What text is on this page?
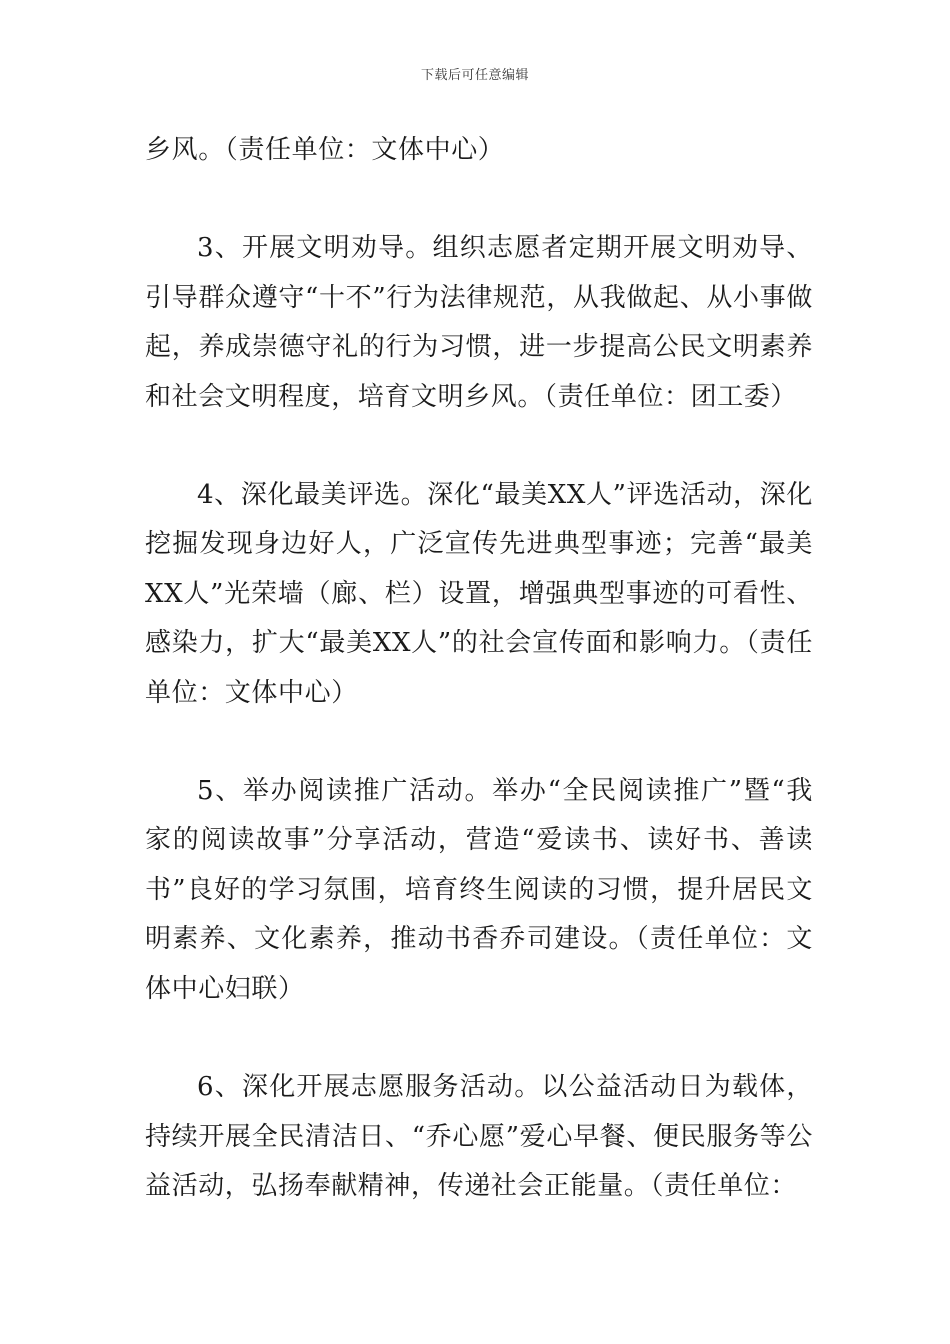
下载后可任意编辑

乡风。（责任单位：文体中心）

3、开展文明劝导。组织志愿者定期开展文明劝导、引导群众遵守“十不”行为法律规范，从我做起、从小事做起，养成崇德守礼的行为习惯，进一步提高公民文明素养和社会文明程度，培育文明乡风。（责任单位：团工委）

4、深化最美评选。深化“最美XX人”评选活动，深化挖掘发现身边好人，广泛宣传先进典型事迹；完善“最美XX人”光荣墙（廊、栏）设置，增强典型事迹的可看性、感染力，扩大“最美XX人”的社会宣传面和影响力。（责任单位：文体中心）

5、举办阅读推广活动。举办“全民阅读推广”暨“我家的阅读故事”分享活动，营造“爱读书、读好书、善读书”良好的学习氛围，培育终生阅读的习惯，提升居民文明素养、文化素养，推动书香乔司建设。（责任单位：文体中心妇联）

6、深化开展志愿服务活动。以公益活动日为载体，持续开展全民清洁日、“乔心愿”爱心早餐、便民服务等公益活动，弘扬奉献精神，传递社会正能量。（责任单位：
